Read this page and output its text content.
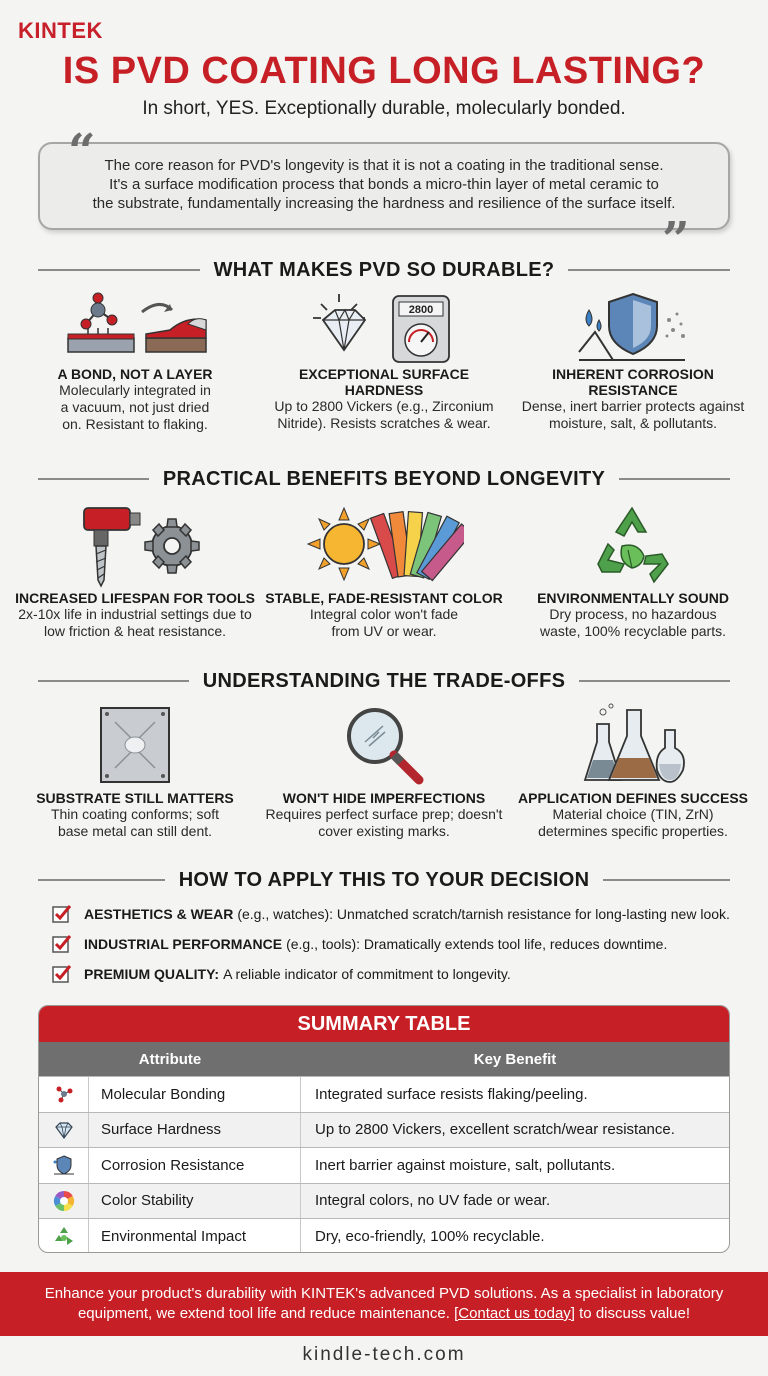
KINTEK
IS PVD COATING LONG LASTING?
In short, YES. Exceptionally durable, molecularly bonded.
The core reason for PVD's longevity is that it is not a coating in the traditional sense.
It's a surface modification process that bonds a micro-thin layer of metal ceramic to
the substrate, fundamentally increasing the hardness and resilience of the surface itself.
“
”
WHAT MAKES PVD SO DURABLE?
A BOND, NOT A LAYER
Molecularly integrated in a vacuum, not just dried on. Resistant to flaking.
2800
EXCEPTIONAL SURFACE HARDNESS
Up to 2800 Vickers (e.g., Zirconium Nitride). Resists scratches & wear.
INHERENT CORROSION RESISTANCE
Dense, inert barrier protects against moisture, salt, & pollutants.
PRACTICAL BENEFITS BEYOND LONGEVITY
INCREASED LIFESPAN FOR TOOLS
2x-10x life in industrial settings due to low friction & heat resistance.
STABLE, FADE-RESISTANT COLOR
Integral color won't fade from UV or wear.
ENVIRONMENTALLY SOUND
Dry process, no hazardous waste, 100% recyclable parts.
UNDERSTANDING THE TRADE-OFFS
SUBSTRATE STILL MATTERS
Thin coating conforms; soft base metal can still dent.
WON'T HIDE IMPERFECTIONS
Requires perfect surface prep; doesn't cover existing marks.
APPLICATION DEFINES SUCCESS
Material choice (TIN, ZrN) determines specific properties.
HOW TO APPLY THIS TO YOUR DECISION
AESTHETICS & WEAR (e.g., watches): Unmatched scratch/tarnish resistance for long-lasting new look.
INDUSTRIAL PERFORMANCE (e.g., tools): Dramatically extends tool life, reduces downtime.
PREMIUM QUALITY: A reliable indicator of commitment to longevity.
SUMMARY TABLE
Attribute	Key Benefit
Molecular Bonding	Integrated surface resists flaking/peeling.
Surface Hardness	Up to 2800 Vickers, excellent scratch/wear resistance.
Corrosion Resistance	Inert barrier against moisture, salt, pollutants.
Color Stability	Integral colors, no UV fade or wear.
Environmental Impact	Dry, eco-friendly, 100% recyclable.
Enhance your product's durability with KINTEK's advanced PVD solutions. As a specialist in laboratory
equipment, we extend tool life and reduce maintenance. [Contact us today] to discuss value!
kindle-tech.com
